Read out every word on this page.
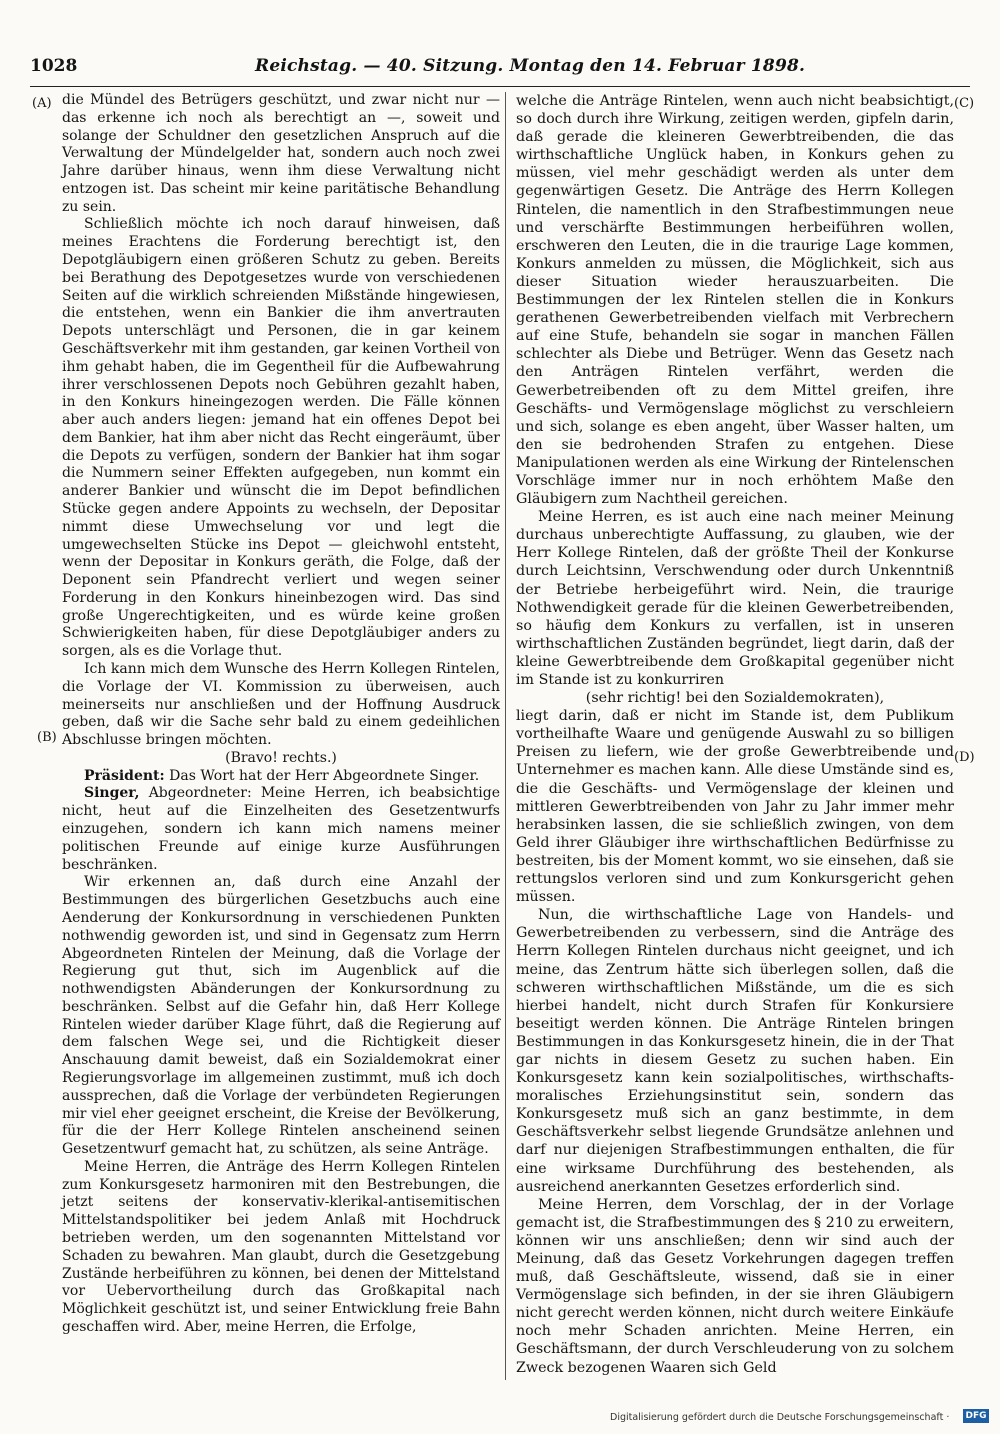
1028	Reichstag. — 40. Sitzung. Montag den 14. Februar 1898.
(A)
(B)
(C)
(D)

die Mündel des Betrügers geschützt, und zwar nicht nur — das erkenne ich noch als berechtigt an —, soweit und solange der Schuldner den gesetzlichen Anspruch auf die Verwaltung der Mündelgelder hat, sondern auch noch zwei Jahre darüber hinaus, wenn ihm diese Verwaltung nicht entzogen ist. Das scheint mir keine paritätische Behandlung zu sein.

Schließlich möchte ich noch darauf hinweisen, daß meines Erachtens die Forderung berechtigt ist, den Depotgläubigern einen größeren Schutz zu geben. Bereits bei Berathung des Depotgesetzes wurde von verschiedenen Seiten auf die wirklich schreienden Mißstände hingewiesen, die entstehen, wenn ein Bankier die ihm anvertrauten Depots unterschlägt und Personen, die in gar keinem Geschäftsverkehr mit ihm gestanden, gar keinen Vortheil von ihm gehabt haben, die im Gegentheil für die Aufbewahrung ihrer verschlossenen Depots noch Gebühren gezahlt haben, in den Konkurs hineingezogen werden. Die Fälle können aber auch anders liegen: jemand hat ein offenes Depot bei dem Bankier, hat ihm aber nicht das Recht eingeräumt, über die Depots zu verfügen, sondern der Bankier hat ihm sogar die Nummern seiner Effekten aufgegeben, nun kommt ein anderer Bankier und wünscht die im Depot befindlichen Stücke gegen andere Appoints zu wechseln, der Depositar nimmt diese Umwechselung vor und legt die umgewechselten Stücke ins Depot — gleichwohl entsteht, wenn der Depositar in Konkurs geräth, die Folge, daß der Deponent sein Pfandrecht verliert und wegen seiner Forderung in den Konkurs hineinbezogen wird. Das sind große Ungerechtigkeiten, und es würde keine großen Schwierigkeiten haben, für diese Depotgläubiger anders zu sorgen, als es die Vorlage thut.

Ich kann mich dem Wunsche des Herrn Kollegen Rintelen, die Vorlage der VI. Kommission zu überweisen, auch meinerseits nur anschließen und der Hoffnung Ausdruck geben, daß wir die Sache sehr bald zu einem gedeihlichen Abschlusse bringen möchten.

(Bravo! rechts.)

Präsident: Das Wort hat der Herr Abgeordnete Singer.

Singer, Abgeordneter: Meine Herren, ich beabsichtige nicht, heut auf die Einzelheiten des Gesetzentwurfs einzugehen, sondern ich kann mich namens meiner politischen Freunde auf einige kurze Ausführungen beschränken.

Wir erkennen an, daß durch eine Anzahl der Bestimmungen des bürgerlichen Gesetzbuchs auch eine Aenderung der Konkursordnung in verschiedenen Punkten nothwendig geworden ist, und sind in Gegensatz zum Herrn Abgeordneten Rintelen der Meinung, daß die Vorlage der Regierung gut thut, sich im Augenblick auf die nothwendigsten Abänderungen der Konkursordnung zu beschränken. Selbst auf die Gefahr hin, daß Herr Kollege Rintelen wieder darüber Klage führt, daß die Regierung auf dem falschen Wege sei, und die Richtigkeit dieser Anschauung damit beweist, daß ein Sozialdemokrat einer Regierungsvorlage im allgemeinen zustimmt, muß ich doch aussprechen, daß die Vorlage der verbündeten Regierungen mir viel eher geeignet erscheint, die Kreise der Bevölkerung, für die der Herr Kollege Rintelen anscheinend seinen Gesetzentwurf gemacht hat, zu schützen, als seine Anträge.

Meine Herren, die Anträge des Herrn Kollegen Rintelen zum Konkursgesetz harmoniren mit den Bestrebungen, die jetzt seitens der konservativ-klerikal-antisemitischen Mittelstandspolitiker bei jedem Anlaß mit Hochdruck betrieben werden, um den sogenannten Mittelstand vor Schaden zu bewahren. Man glaubt, durch die Gesetzgebung Zustände herbeiführen zu können, bei denen der Mittelstand vor Uebervortheilung durch das Großkapital nach Möglichkeit geschützt ist, und seiner Entwicklung freie Bahn geschaffen wird. Aber, meine Herren, die Erfolge,

welche die Anträge Rintelen, wenn auch nicht beabsichtigt, so doch durch ihre Wirkung, zeitigen werden, gipfeln darin, daß gerade die kleineren Gewerbtreibenden, die das wirthschaftliche Unglück haben, in Konkurs gehen zu müssen, viel mehr geschädigt werden als unter dem gegenwärtigen Gesetz. Die Anträge des Herrn Kollegen Rintelen, die namentlich in den Strafbestimmungen neue und verschärfte Bestimmungen herbeiführen wollen, erschweren den Leuten, die in die traurige Lage kommen, Konkurs anmelden zu müssen, die Möglichkeit, sich aus dieser Situation wieder herauszuarbeiten. Die Bestimmungen der lex Rintelen stellen die in Konkurs gerathenen Gewerbetreibenden vielfach mit Verbrechern auf eine Stufe, behandeln sie sogar in manchen Fällen schlechter als Diebe und Betrüger. Wenn das Gesetz nach den Anträgen Rintelen verfährt, werden die Gewerbetreibenden oft zu dem Mittel greifen, ihre Geschäfts- und Vermögenslage möglichst zu verschleiern und sich, solange es eben angeht, über Wasser halten, um den sie bedrohenden Strafen zu entgehen. Diese Manipulationen werden als eine Wirkung der Rintelenschen Vorschläge immer nur in noch erhöhtem Maße den Gläubigern zum Nachtheil gereichen.

Meine Herren, es ist auch eine nach meiner Meinung durchaus unberechtigte Auffassung, zu glauben, wie der Herr Kollege Rintelen, daß der größte Theil der Konkurse durch Leichtsinn, Verschwendung oder durch Unkenntniß der Betriebe herbeigeführt wird. Nein, die traurige Nothwendigkeit gerade für die kleinen Gewerbetreibenden, so häufig dem Konkurs zu verfallen, ist in unseren wirthschaftlichen Zuständen begründet, liegt darin, daß der kleine Gewerbtreibende dem Großkapital gegenüber nicht im Stande ist zu konkurriren

(sehr richtig! bei den Sozialdemokraten),

liegt darin, daß er nicht im Stande ist, dem Publikum vortheilhafte Waare und genügende Auswahl zu so billigen Preisen zu liefern, wie der große Gewerbtreibende und Unternehmer es machen kann. Alle diese Umstände sind es, die die Geschäfts- und Vermögenslage der kleinen und mittleren Gewerbtreibenden von Jahr zu Jahr immer mehr herabsinken lassen, die sie schließlich zwingen, von dem Geld ihrer Gläubiger ihre wirthschaftlichen Bedürfnisse zu bestreiten, bis der Moment kommt, wo sie einsehen, daß sie rettungslos verloren sind und zum Konkursgericht gehen müssen.

Nun, die wirthschaftliche Lage von Handels- und Gewerbetreibenden zu verbessern, sind die Anträge des Herrn Kollegen Rintelen durchaus nicht geeignet, und ich meine, das Zentrum hätte sich überlegen sollen, daß die schweren wirthschaftlichen Mißstände, um die es sich hierbei handelt, nicht durch Strafen für Konkursiere beseitigt werden können. Die Anträge Rintelen bringen Bestimmungen in das Konkursgesetz hinein, die in der That gar nichts in diesem Gesetz zu suchen haben. Ein Konkursgesetz kann kein sozialpolitisches, wirthschafts-moralisches Erziehungsinstitut sein, sondern das Konkursgesetz muß sich an ganz bestimmte, in dem Geschäftsverkehr selbst liegende Grundsätze anlehnen und darf nur diejenigen Strafbestimmungen enthalten, die für eine wirksame Durchführung des bestehenden, als ausreichend anerkannten Gesetzes erforderlich sind.

Meine Herren, dem Vorschlag, der in der Vorlage gemacht ist, die Strafbestimmungen des § 210 zu erweitern, können wir uns anschließen; denn wir sind auch der Meinung, daß das Gesetz Vorkehrungen dagegen treffen muß, daß Geschäftsleute, wissend, daß sie in einer Vermögenslage sich befinden, in der sie ihren Gläubigern nicht gerecht werden können, nicht durch weitere Einkäufe noch mehr Schaden anrichten. Meine Herren, ein Geschäftsmann, der durch Verschleuderung von zu solchem Zweck bezogenen Waaren sich Geld

Digitalisierung gefördert durch die Deutsche Forschungsgemeinschaft · DFG
